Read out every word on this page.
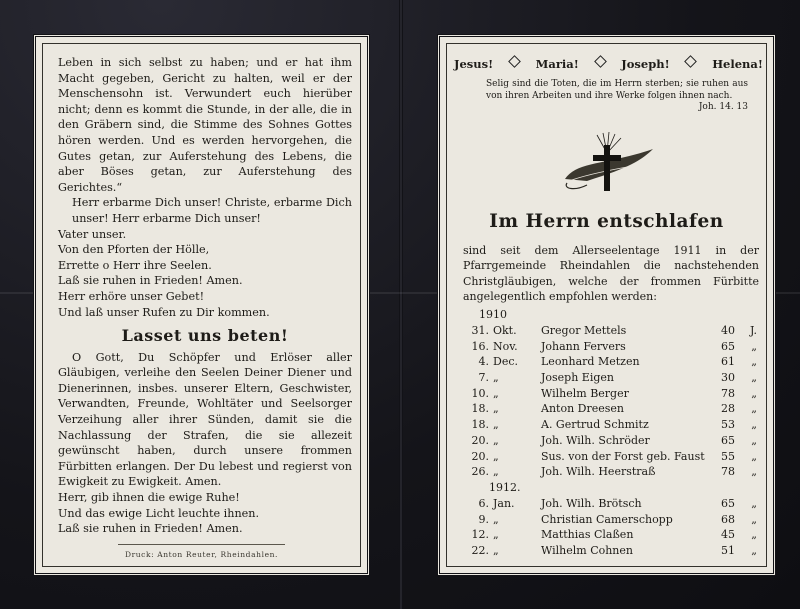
Leben in sich selbst zu haben; und er hat ihm Macht gegeben, Gericht zu halten, weil er der Menschensohn ist. Verwundert euch hierüber nicht; denn es kommt die Stunde, in der alle, die in den Gräbern sind, die Stimme des Sohnes Gottes hören werden. Und es werden hervorgehen, die Gutes getan, zur Auferstehung des Lebens, die aber Böses getan, zur Auferstehung des Gerichtes.“

Herr erbarme Dich unser! Christe, erbarme Dich unser! Herr erbarme Dich unser!

Vater unser.

Von den Pforten der Hölle,

Errette o Herr ihre Seelen.

Laß sie ruhen in Frieden! Amen.

Herr erhöre unser Gebet!

Und laß unser Rufen zu Dir kommen.

Lasset uns beten!

O Gott, Du Schöpfer und Erlöser aller Gläubigen, verleihe den Seelen Deiner Diener und Dienerinnen, insbes. unserer Eltern, Geschwister, Verwandten, Freunde, Wohltäter und Seelsorger Verzeihung aller ihrer Sünden, damit sie die Nachlassung der Strafen, die sie allezeit gewünscht haben, durch unsere frommen Fürbitten erlangen. Der Du lebest und regierst von Ewigkeit zu Ewigkeit. Amen.

Herr, gib ihnen die ewige Ruhe!

Und das ewige Licht leuchte ihnen.

Laß sie ruhen in Frieden! Amen.

Druck: Anton Reuter, Rheindahlen.
Jesus!	Maria!	Joseph!	Helena!
Selig sind die Toten, die im Herrn sterben; sie ruhen aus von ihren Arbeiten und ihre Werke folgen ihnen nach.
Joh. 14. 13
Im Herrn entschlafen
sind seit dem Allerseelentage 1911 in der Pfarrgemeinde Rheindahlen die nachstehenden Christgläubigen, welche der frommen Fürbitte angelegentlich empfohlen werden:
1910
31. Okt.	Gregor Mettels	40	J.
16. Nov.	Johann Fervers	65	„
4. Dec.	Leonhard Metzen	61	„
7. „	Joseph Eigen	30	„
10. „	Wilhelm Berger	78	„
18. „	Anton Dreesen	28	„
18. „	A. Gertrud Schmitz	53	„
20. „	Joh. Wilh. Schröder	65	„
20. „	Sus. von der Forst geb. Faust	55	„
26. „	Joh. Wilh. Heerstraß	78	„
1912.
6. Jan.	Joh. Wilh. Brötsch	65	„
9. „	Christian Camerschopp	68	„
12. „	Matthias Claßen	45	„
22. „	Wilhelm Cohnen	51	„
